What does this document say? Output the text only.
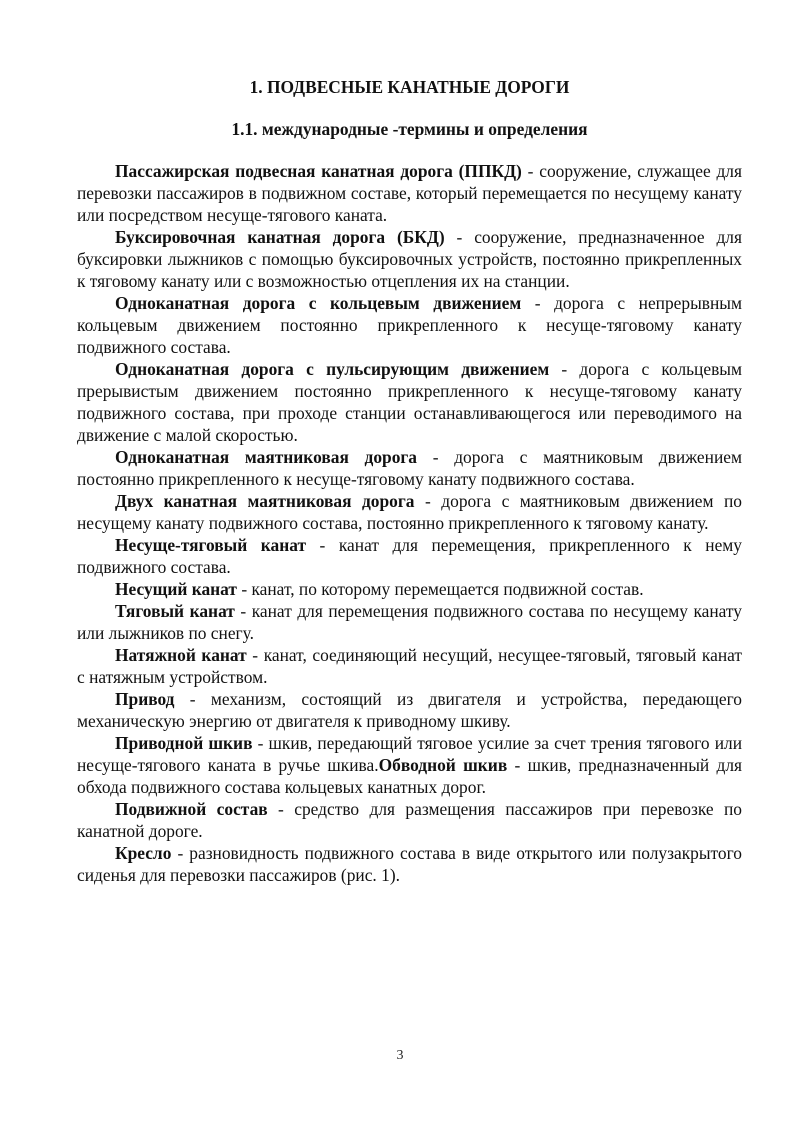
1. ПОДВЕСНЫЕ КАНАТНЫЕ ДОРОГИ
1.1. международные -термины и определения

Пассажирская подвесная канатная дорога (ППКД) - сооружение, служащее для перевозки пассажиров в подвижном составе, который перемещается по несущему канату или посредством несуще-тягового каната.

Буксировочная канатная дорога (БКД) - сооружение, предназначенное для буксировки лыжников с помощью буксировочных устройств, постоянно прикрепленных к тяговому канату или с возможностью отцепления их на станции.

Одноканатная дорога с кольцевым движением - дорога с непрерывным кольцевым движением постоянно прикрепленного к несуще-тяговому канату подвижного состава.

Одноканатная дорога с пульсирующим движением - дорога с кольцевым прерывистым движением постоянно прикрепленного к несуще-тяговому канату подвижного состава, при проходе станции останавливающегося или переводимого на движение с малой скоростью.

Одноканатная маятниковая дорога - дорога с маятниковым движением постоянно прикрепленного к несуще-тяговому канату подвижного состава.

Двух канатная маятниковая дорога - дорога с маятниковым движением по несущему канату подвижного состава, постоянно прикрепленного к тяговому канату.

Несуще-тяговый канат - канат для перемещения, прикрепленного к нему подвижного состава.

Несущий канат - канат, по которому перемещается подвижной состав.

Тяговый канат - канат для перемещения подвижного состава по несущему канату или лыжников по снегу.

Натяжной канат - канат, соединяющий несущий, несущее-тяговый, тяговый канат с натяжным устройством.

Привод - механизм, состоящий из двигателя и устройства, передающего механическую энергию от двигателя к приводному шкиву.

Приводной шкив - шкив, передающий тяговое усилие за счет трения тягового или несуще-тягового каната в ручье шкива.Обводной шкив - шкив, предназначенный для обхода подвижного состава кольцевых канатных дорог.

Подвижной состав - средство для размещения пассажиров при перевозке по канатной дороге.

Кресло - разновидность подвижного состава в виде открытого или полузакрытого сиденья для перевозки пассажиров (рис. 1).

3
